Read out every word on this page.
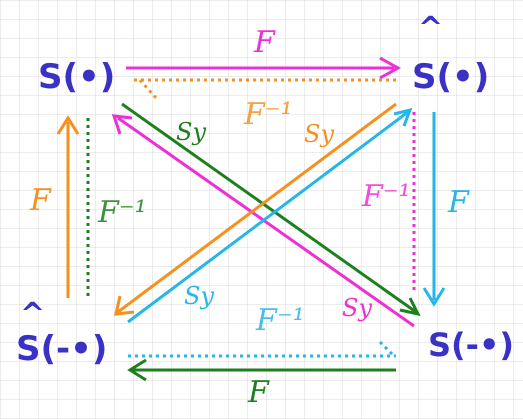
S(•)	S(•)
^
S(-•)
^
S(-•)
F
F⁻¹
F F⁻¹	F
F⁻¹
F⁻¹
F
Sy
Sy
Sy
Sy
